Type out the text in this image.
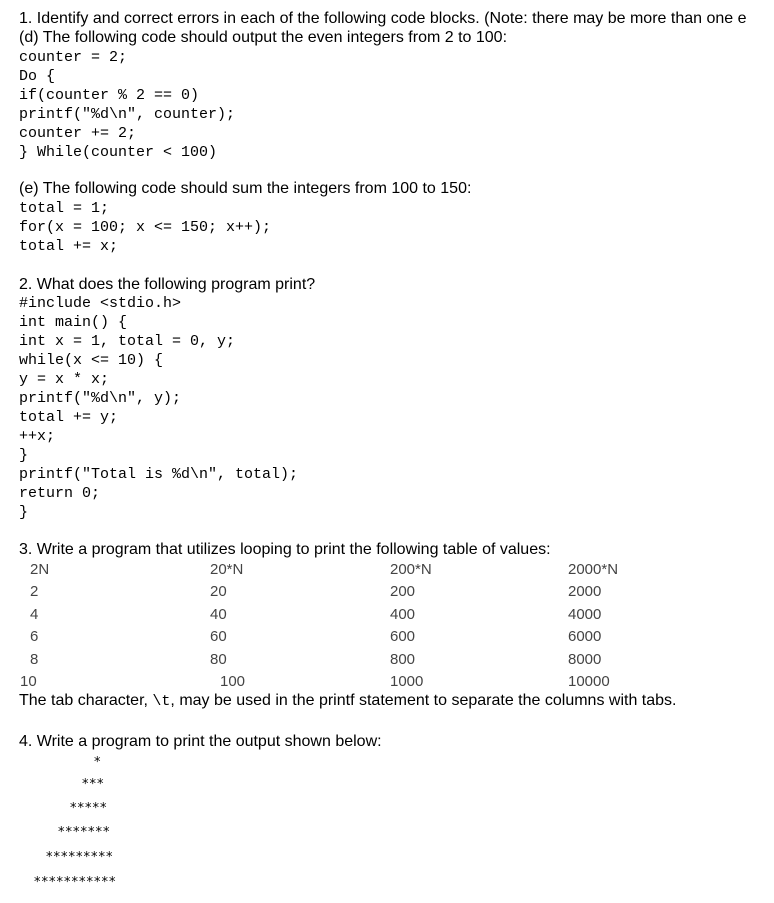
1. Identify and correct errors in each of the following code blocks. (Note: there may be more than one e
(d) The following code should output the even integers from 2 to 100:
counter = 2;
Do {
if(counter % 2 == 0)
printf("%d\n", counter);
counter += 2;
} While(counter < 100)
(e) The following code should sum the integers from 100 to 150:
total = 1;
for(x = 100; x <= 150; x++);
total += x;
2. What does the following program print?
#include <stdio.h>
int main() {
int x = 1, total = 0, y;
while(x <= 10) {
y = x * x;
printf("%d\n", y);
total += y;
++x;
}
printf("Total is %d\n", total);
return 0;
}
3. Write a program that utilizes looping to print the following table of values:
2N	20*N	200*N	2000*N
2	20	200	2000
4	40	400	4000
6	60	600	6000
8	80	800	8000
10	100	1000	10000
The tab character, \t, may be used in the printf statement to separate the columns with tabs.
4. Write a program to print the output shown below:
*
***
*****
*******
*********
***********
